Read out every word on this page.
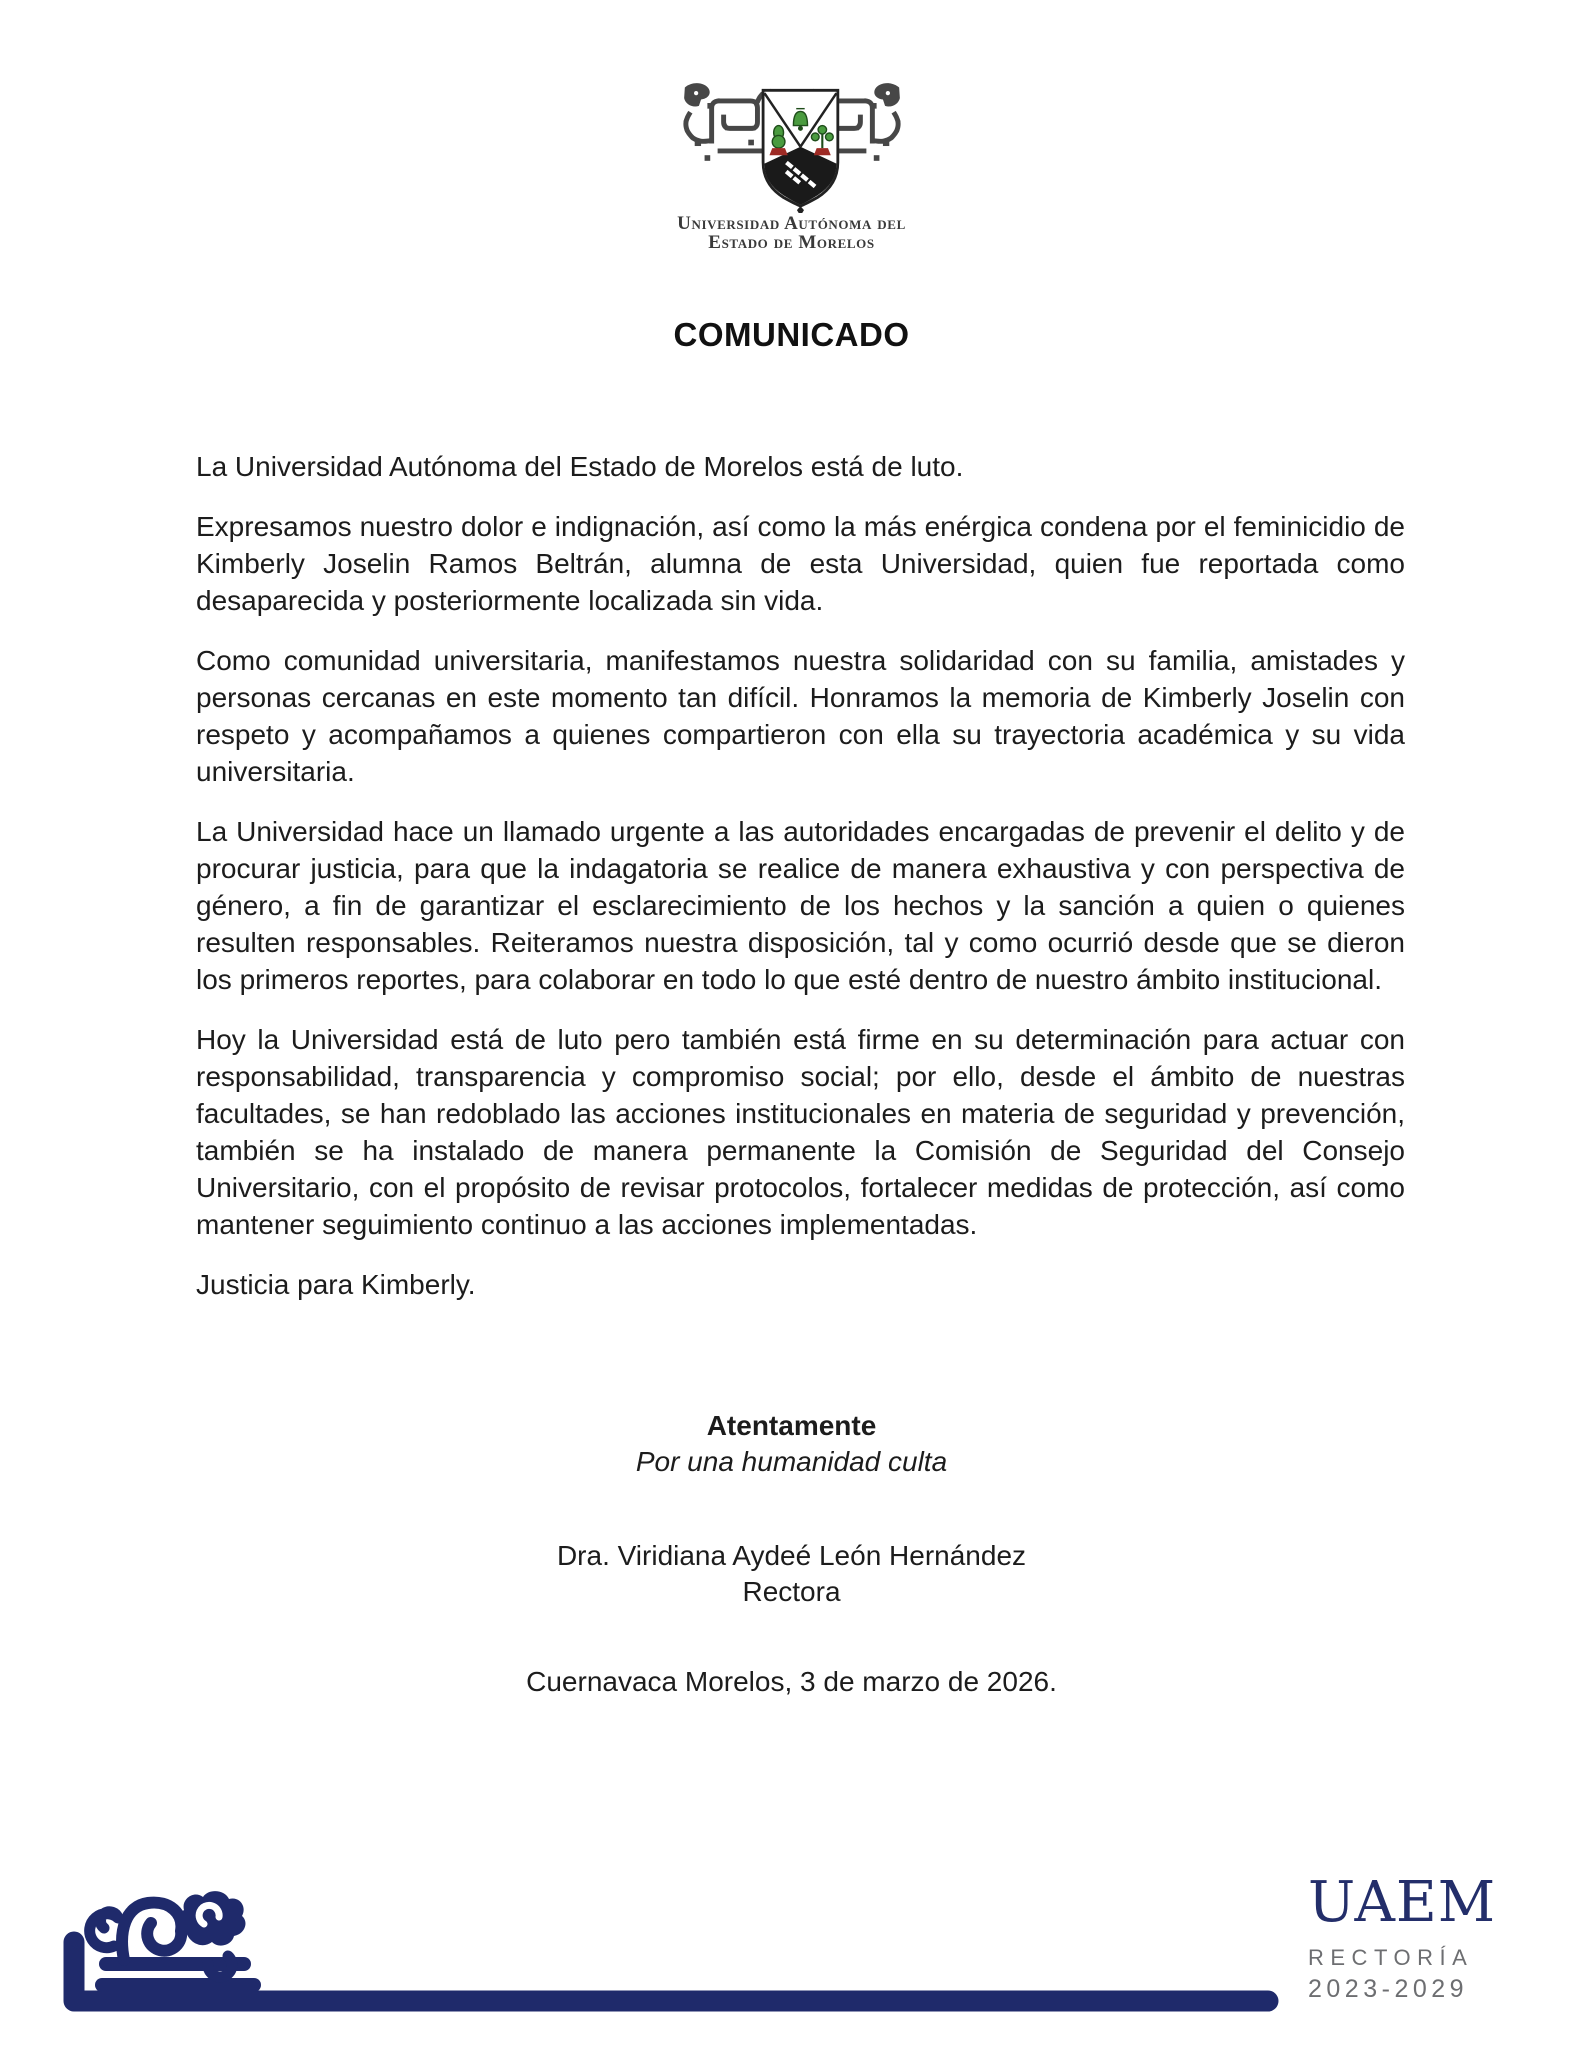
Universidad Autónoma del
Estado de Morelos
COMUNICADO

La Universidad Autónoma del Estado de Morelos está de luto.

Expresamos nuestro dolor e indignación, así como la más enérgica condena por el feminicidio de Kimberly Joselin Ramos Beltrán, alumna de esta Universidad, quien fue reportada como desaparecida y posteriormente localizada sin vida.

Como comunidad universitaria, manifestamos nuestra solidaridad con su familia, amistades y personas cercanas en este momento tan difícil. Honramos la memoria de Kimberly Joselin con respeto y acompañamos a quienes compartieron con ella su trayectoria académica y su vida universitaria.

La Universidad hace un llamado urgente a las autoridades encargadas de prevenir el delito y de procurar justicia, para que la indagatoria se realice de manera exhaustiva y con perspectiva de género, a fin de garantizar el esclarecimiento de los hechos y la sanción a quien o quienes resulten responsables. Reiteramos nuestra disposición, tal y como ocurrió desde que se dieron los primeros reportes, para colaborar en todo lo que esté dentro de nuestro ámbito institucional.

Hoy la Universidad está de luto pero también está firme en su determinación para actuar con responsabilidad, transparencia y compromiso social; por ello, desde el ámbito de nuestras facultades, se han redoblado las acciones institucionales en materia de seguridad y prevención, también se ha instalado de manera permanente la Comisión de Seguridad del Consejo Universitario, con el propósito de revisar protocolos, fortalecer medidas de protección, así como mantener seguimiento continuo a las acciones implementadas.

Justicia para Kimberly.

Atentamente
Por una humanidad culta
Dra. Viridiana Aydeé León Hernández
Rectora
Cuernavaca Morelos, 3 de marzo de 2026.
UAEM
RECTORÍA
2023-2029
